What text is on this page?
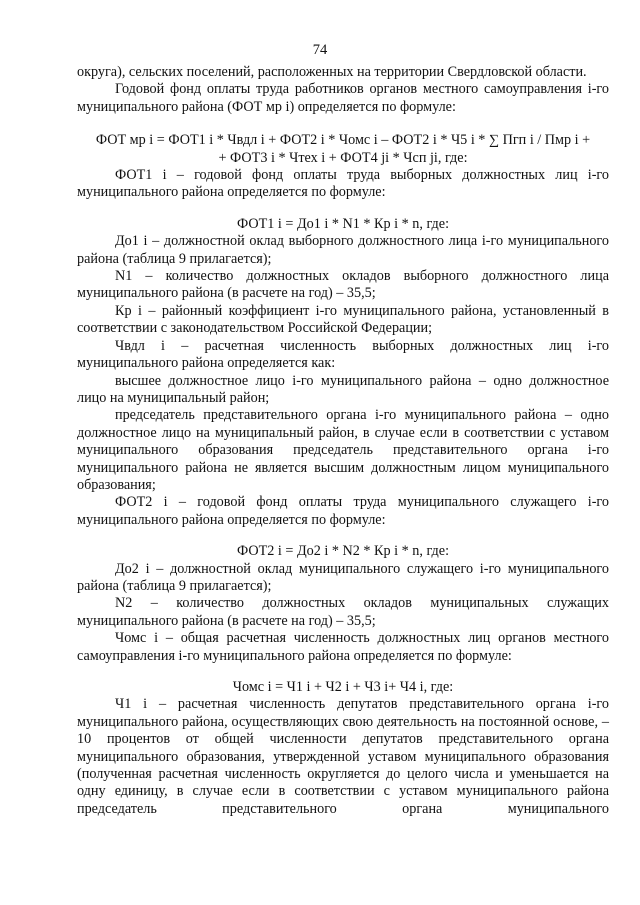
74

округа), сельских поселений, расположенных на территории Свердловской области.

Годовой фонд оплаты труда работников органов местного самоуправления i-го муниципального района (ФОТ мр i) определяется по формуле:

ФОТ мр i = ФОТ1 i * Чвдл i + ФОТ2 i * Чомс i – ФОТ2 i * Ч5 i * ∑ Пгп i / Пмр i +

+ ФОТ3 i * Чтех i + ФОТ4 ji * Чсп ji, где:

ФОТ1 i – годовой фонд оплаты труда выборных должностных лиц i-го муниципального района определяется по формуле:

ФОТ1 i = До1 i * N1 * Кр i * n, где:

До1 i – должностной оклад выборного должностного лица i-го муниципального района (таблица 9 прилагается);

N1 – количество должностных окладов выборного должностного лица муниципального района (в расчете на год) – 35,5;

Кр i – районный коэффициент i-го муниципального района, установленный в соответствии с законодательством Российской Федерации;

Чвдл i – расчетная численность выборных должностных лиц i-го муниципального района определяется как:

высшее должностное лицо i-го муниципального района – одно должностное лицо на муниципальный район;

председатель представительного органа i-го муниципального района – одно должностное лицо на муниципальный район, в случае если в соответствии с уставом муниципального образования председатель представительного органа i-го муниципального района не является высшим должностным лицом муниципального образования;

ФОТ2 i – годовой фонд оплаты труда муниципального служащего i-го муниципального района определяется по формуле:

ФОТ2 i = До2 i * N2 * Кр i * n, где:

До2 i – должностной оклад муниципального служащего i-го муниципального района (таблица 9 прилагается);

N2 – количество должностных окладов муниципальных служащих муниципального района (в расчете на год) – 35,5;

Чомс i – общая расчетная численность должностных лиц органов местного самоуправления i-го муниципального района определяется по формуле:

Чомс i = Ч1 i + Ч2 i + Ч3 i+ Ч4 i, где:

Ч1 i – расчетная численность депутатов представительного органа i-го муниципального района, осуществляющих свою деятельность на постоянной основе, – 10 процентов от общей численности депутатов представительного органа муниципального образования, утвержденной уставом муниципального образования (полученная расчетная численность округляется до целого числа и уменьшается на одну единицу, в случае если в соответствии с уставом муниципального района председатель представительного органа муниципального
